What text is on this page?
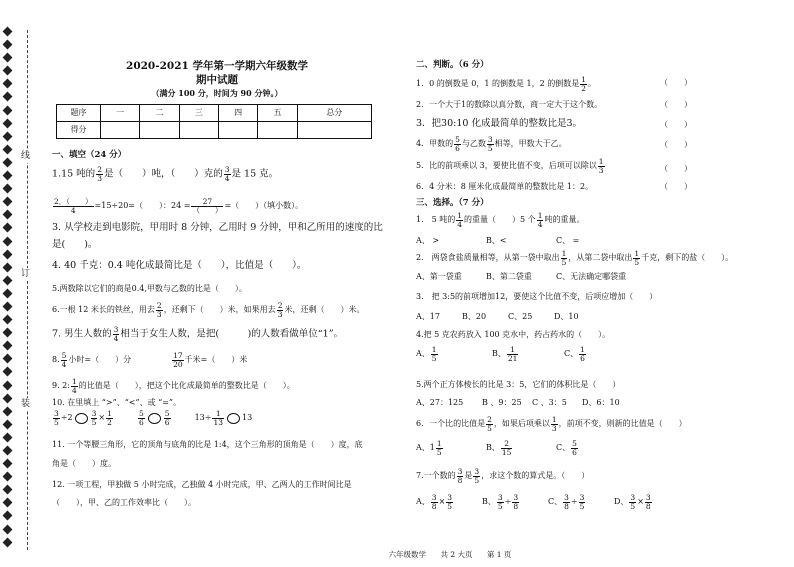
线
订
装
2020-2021 学年第一学期六年级数学
期中试题
（满分 100 分，时间为 90 分钟。）
题序	一	二	三	四	五	总分
得分						
一、填空（24 分）
1.15 吨的 $\frac{2}{3}$ 是（　　）吨，（　　）克的 $\frac{3}{4}$ 是 15 克。
$\frac{2.( )}{4} =15\div 20=$（　　）：$24 = \frac{27}{( )}$ =（　　）（填小数）。
3. 从学校走到电影院，甲用时 8 分钟，乙用时 9 分钟，甲和乙所用的速度的比
是(　　)。
4. 40 千克：0.4 吨化成最简比是（　　），比值是（　　）。
5.两数除以它们的商是0.4,甲数与乙数的比是（　　）。
6.一根 12 米长的铁丝，用去 $\frac{2}{3}$ ，还剩下（　　）米，如果用去 $\frac{2}{3}$ 米，还剩（　　）米。
7. 男生人数的 $\frac{3}{4}$ 相当于女生人数，是把(　　　)的人数看做单位“1”。
8. $\frac{5}{4}$ 小时=（　　）分	$\frac{17}{20}$ 千米=（　　）米
9. 2: $\frac{1}{4}$ 的比值是（　　），把这个比化成最简单的整数比是（　　）。
10. 在里填上 “>”、“<”、或 “=”。
$\frac{3}{5} \div 2 \frac{3}{5} \times \frac{1}{2}$
	$\frac{5}{6}$	$\frac{5}{6}$	$13\div \frac{1}{13} 13$
11. 一个等腰三角形，它的顶角与底角的比是 1:4，这个三角形的顶角是（　　）度，底
角是（　　）度。
12. 一项工程，甲独做 5 小时完成，乙独做 4 小时完成，甲、乙两人的工作时间比是
（　　），甲、乙的工作效率比（　　）。
二、判断。（6 分）
1．0 的倒数是 0，1 的倒数是 1，2 的倒数是 $\frac{1}{2}$ 。	（　　）
2．一个大于1的数除以真分数，商一定大于这个数。	（　　）
3．把30:10 化成最简单的整数比是3。	（　　）
4．甲数的 $\frac{5}{6}$ 与乙数 $\frac{3}{5}$ 相等，甲数大于乙。	（　　）
5．比的前项乘以 3，要使比值不变，后项可以除以 $\frac{1}{3}$	（　　）
6．4 分米：8 厘米化成最简单的整数比是 1：2。	（　　）
三、选择。（7 分）
1.　5 吨的 $\frac{1}{4}$ 的重量（　　）5 个 $\frac{1}{4}$ 吨的重量。
A、 >	B、<	C、 =
2.　两袋食盐质量相等，从第一袋中取出 $\frac{1}{5}$ ，从第二袋中取出 $\frac{1}{5}$ 千克，剩下的盐（　　）。
A、第一袋重	B、第二袋重	C、无法确定哪袋重
3.　把 3:5的前项增加12，要使这个比值不变，后项应增加（　　）
A、17	B、20	C、25	D、10
4.把 5 克农药放入 100 克水中，药占药水的（　　）。
A、 $\frac{1}{5}$	B、 $\frac{1}{21}$	C、 $\frac{1}{6}$
5.两个正方体棱长的比是 3：5，它们的体积比是（　　）
A、27：125 B 、9：25 C 、3：5 D、6：10
6．一个比的比值是 $\frac{2}{5}$ ，如果后项乘以 $\frac{1}{3}$ ，前项不变，则新的比值是（　　）
A、$1 \frac{1}{5}$	B、 $\frac{2}{15}$	C、 $\frac{5}{6}$
7.一个数的 $\frac{3}{8}$ 是 $\frac{3}{5}$ ，求这个数的算式是。（　　）
A、 $\frac{3}{8} \times \frac{3}{5}$	B、 $\frac{3}{5} \div \frac{3}{8}$	C、 $\frac{3}{8} \div \frac{3}{5}$	D、 $\frac{3}{5} \times \frac{3}{8}$
六年级数学 共 2 大页 第 1 页
